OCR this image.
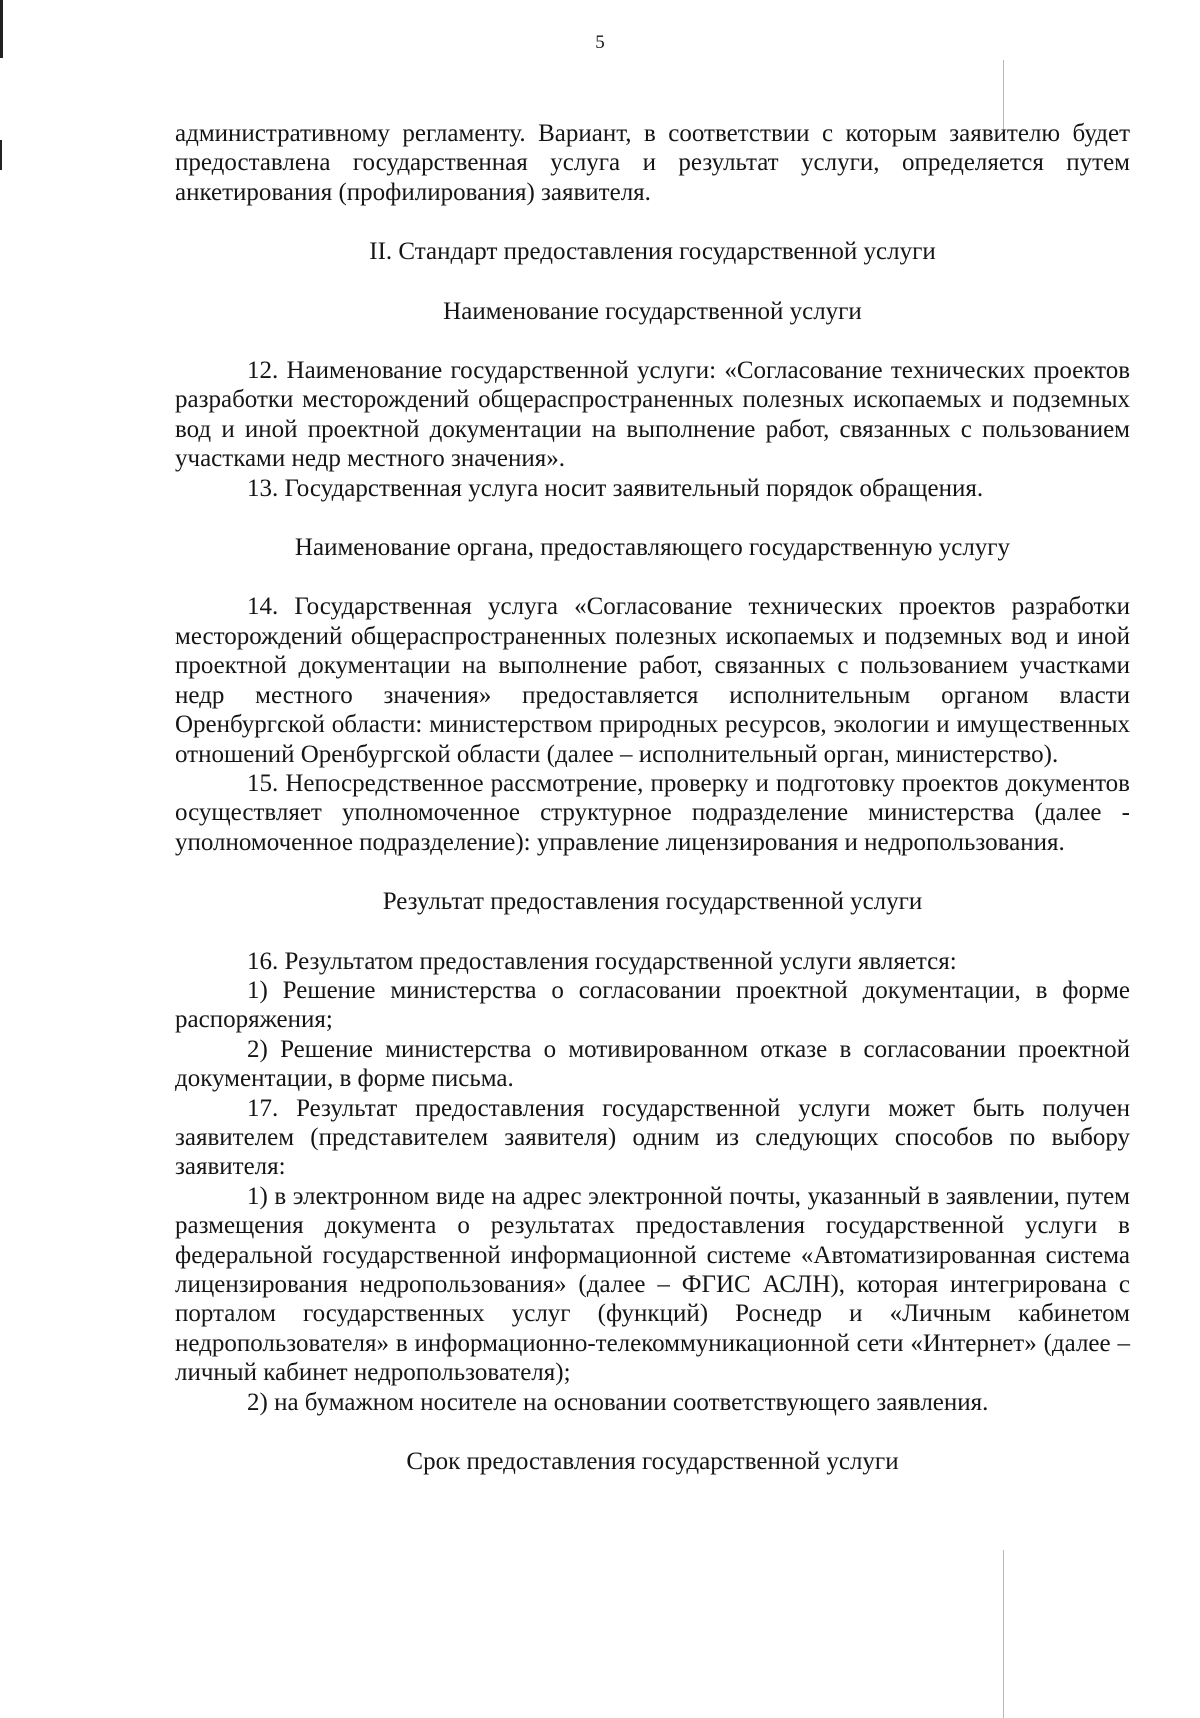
5

административному регламенту. Вариант, в соответствии с которым заявителю будет предоставлена государственная услуга и результат услуги, определяется путем анкетирования (профилирования) заявителя.

II. Стандарт предоставления государственной услуги

Наименование государственной услуги

12. Наименование государственной услуги: «Согласование технических проектов разработки месторождений общераспространенных полезных ископаемых и подземных вод и иной проектной документации на выполнение работ, связанных с пользованием участками недр местного значения».

13. Государственная услуга носит заявительный порядок обращения.

Наименование органа, предоставляющего государственную услугу

14. Государственная услуга «Согласование технических проектов разработки месторождений общераспространенных полезных ископаемых и подземных вод и иной проектной документации на выполнение работ, связанных с пользованием участками недр местного значения» предоставляется исполнительным органом власти Оренбургской области: министерством природных ресурсов, экологии и имущественных отношений Оренбургской области (далее – исполнительный орган, министерство).

15. Непосредственное рассмотрение, проверку и подготовку проектов документов осуществляет уполномоченное структурное подразделение министерства (далее - уполномоченное подразделение): управление лицензирования и недропользования.

Результат предоставления государственной услуги

16. Результатом предоставления государственной услуги является:

1) Решение министерства о согласовании проектной документации, в форме распоряжения;

2) Решение министерства о мотивированном отказе в согласовании проектной документации, в форме письма.

17. Результат предоставления государственной услуги может быть получен заявителем (представителем заявителя) одним из следующих способов по выбору заявителя:

1) в электронном виде на адрес электронной почты, указанный в заявлении, путем размещения документа о результатах предоставления государственной услуги в федеральной государственной информационной системе «Автоматизированная система лицензирования недропользования» (далее – ФГИС АСЛН), которая интегрирована с порталом государственных услуг (функций) Роснедр и «Личным кабинетом недропользователя» в информационно-телекоммуникационной сети «Интернет» (далее – личный кабинет недропользователя);

2) на бумажном носителе на основании соответствующего заявления.

Срок предоставления государственной услуги
